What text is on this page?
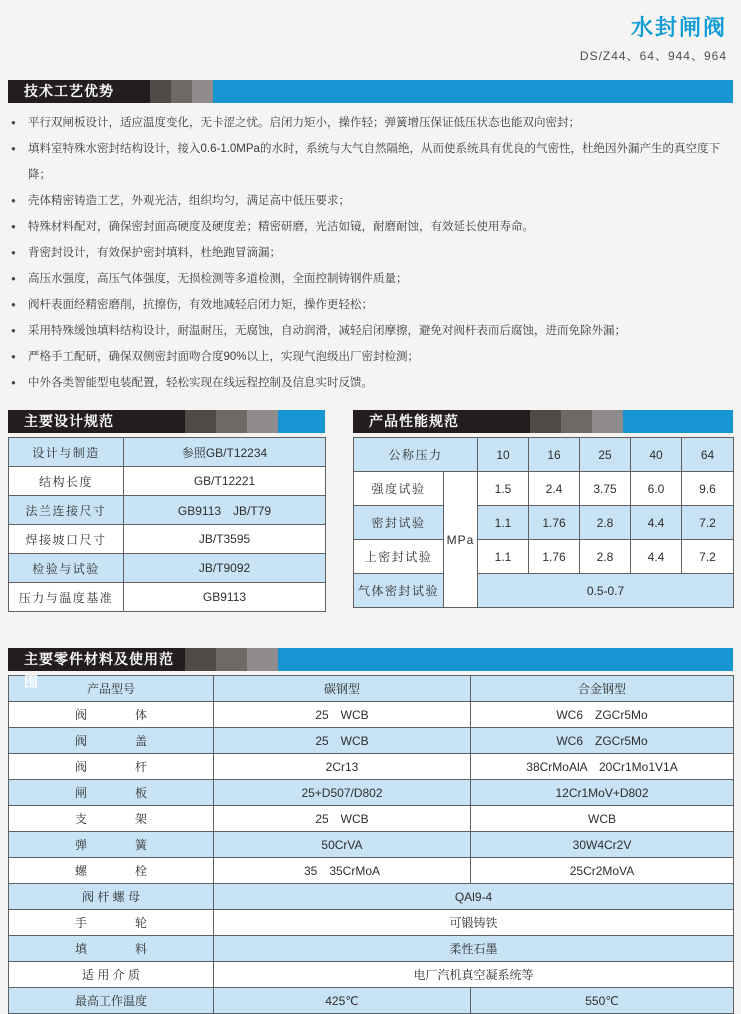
水封闸阀
DS/Z44、64、944、964
技术工艺优势
● 平行双闸板设计，适应温度变化，无卡涩之忧。启闭力矩小，操作轻；弹簧增压保证低压状态也能双向密封；
● 填料室特殊水密封结构设计，接入0.6-1.0MPa的水时，系统与大气自然隔绝，从而使系统具有优良的气密性，杜绝因外漏产生的真空度下降；
● 壳体精密铸造工艺，外观光洁，组织均匀，满足高中低压要求；
● 特殊材料配对，确保密封面高硬度及硬度差；精密研磨，光洁如镜，耐磨耐蚀，有效延长使用寿命。
● 背密封设计，有效保护密封填料，杜绝跑冒滴漏；
● 高压水强度，高压气体强度，无损检测等多道检测，全面控制铸钢件质量；
● 阀杆表面经精密磨削，抗擦伤，有效地减轻启闭力矩，操作更轻松；
● 采用特殊缓蚀填料结构设计，耐温耐压，无腐蚀，自动润滑，减轻启闭摩擦，避免对阀杆表而后腐蚀，进而免除外漏；
● 严格手工配研，确保双侧密封面吻合度90%以上，实现气泡级出厂密封检测；
● 中外各类智能型电装配置，轻松实现在线远程控制及信息实时反馈。
主要设计规范
设计与制造	参照GB/T12234
结构长度	GB/T12221
法兰连接尺寸	GB9113　JB/T79
焊接坡口尺寸	JB/T3595
检验与试验	JB/T9092
压力与温度基准	GB9113
产品性能规范
公称压力		10	16	25	40	64
强度试验	MPa	1.5	2.4	3.75	6.0	9.6
密封试验		1.1	1.76	2.8	4.4	7.2
上密封试验		1.1	1.76	2.8	4.4	7.2
气体密封试验		0.5-0.7				
主要零件材料及使用范围	产品型号	碳钢型	合金钢型
阀　　　　体	25　WCB	WC6　ZGCr5Mo
阀　　　　盖	25　WCB	WC6　ZGCr5Mo
阀　　　　杆	2Cr13	38CrMoAlA　20Cr1Mo1V1A
闸　　　　板	25+D507/D802	12Cr1MoV+D802
支　　　　架	25　WCB	WCB
弹　　　　簧	50CrVA	30W4Cr2V
螺　　　　栓	35　35CrMoA	25Cr2MoVA
阀 杆 螺 母	QAl9-4	
手　　　　轮	可锻铸铁	
填　　　　料	柔性石墨	
适 用 介 质	电厂汽机真空凝系统等	
最高工作温度	425℃	550℃
